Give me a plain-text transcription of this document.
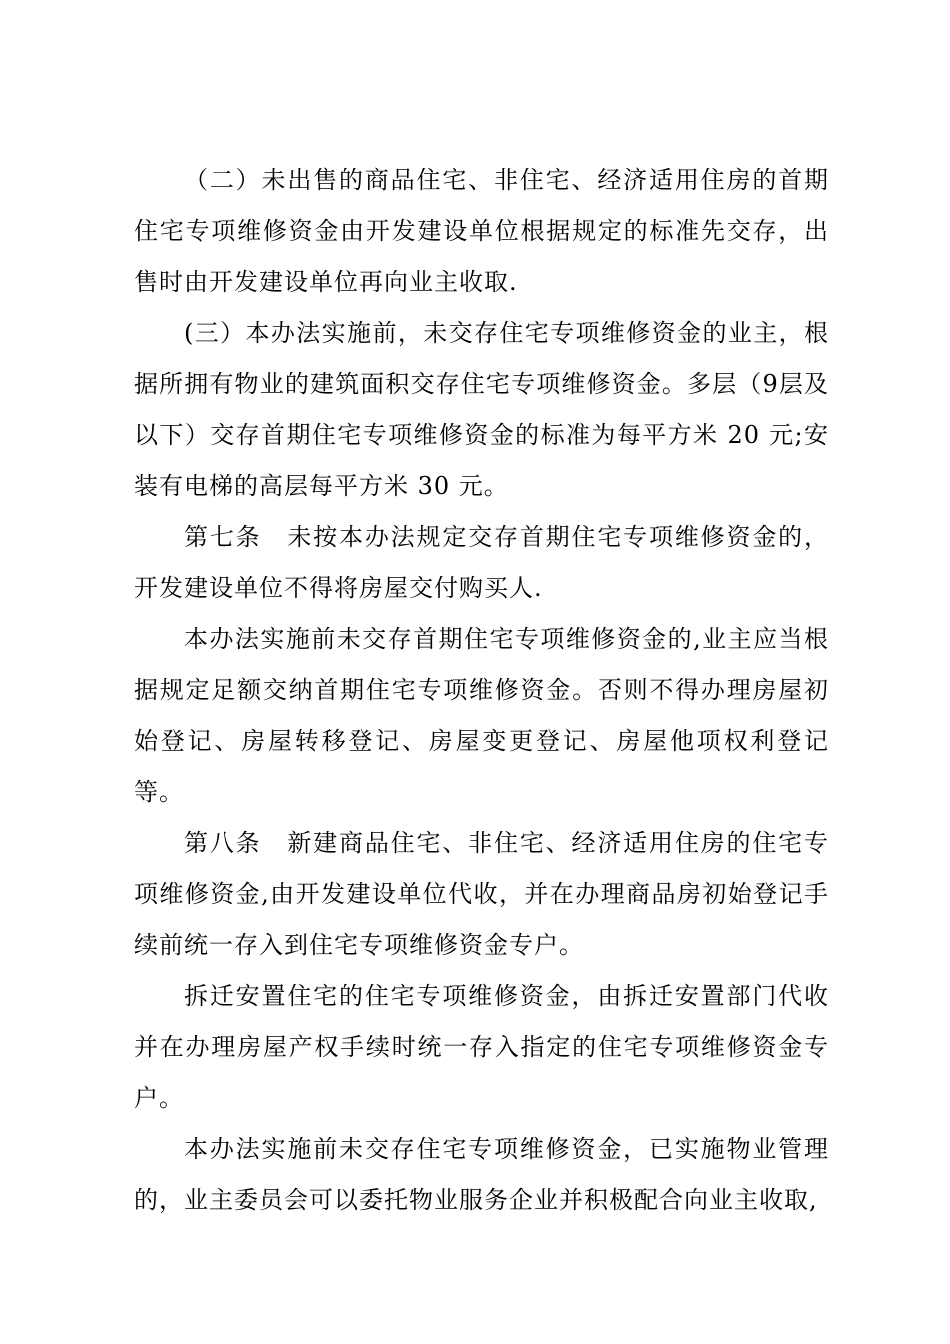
（二）未出售的商品住宅、非住宅、经济适用住房的首期住宅专项维修资金由开发建设单位根据规定的标准先交存，出售时由开发建设单位再向业主收取.

(三）本办法实施前，未交存住宅专项维修资金的业主，根据所拥有物业的建筑面积交存住宅专项维修资金。多层（9层及以下）交存首期住宅专项维修资金的标准为每平方米 20 元;安装有电梯的高层每平方米 30 元。

第七条　未按本办法规定交存首期住宅专项维修资金的，开发建设单位不得将房屋交付购买人.

本办法实施前未交存首期住宅专项维修资金的,业主应当根据规定足额交纳首期住宅专项维修资金。否则不得办理房屋初始登记、房屋转移登记、房屋变更登记、房屋他项权利登记等。

第八条　新建商品住宅、非住宅、经济适用住房的住宅专项维修资金,由开发建设单位代收，并在办理商品房初始登记手续前统一存入到住宅专项维修资金专户。

拆迁安置住宅的住宅专项维修资金，由拆迁安置部门代收并在办理房屋产权手续时统一存入指定的住宅专项维修资金专户。

本办法实施前未交存住宅专项维修资金，已实施物业管理的，业主委员会可以委托物业服务企业并积极配合向业主收取,
